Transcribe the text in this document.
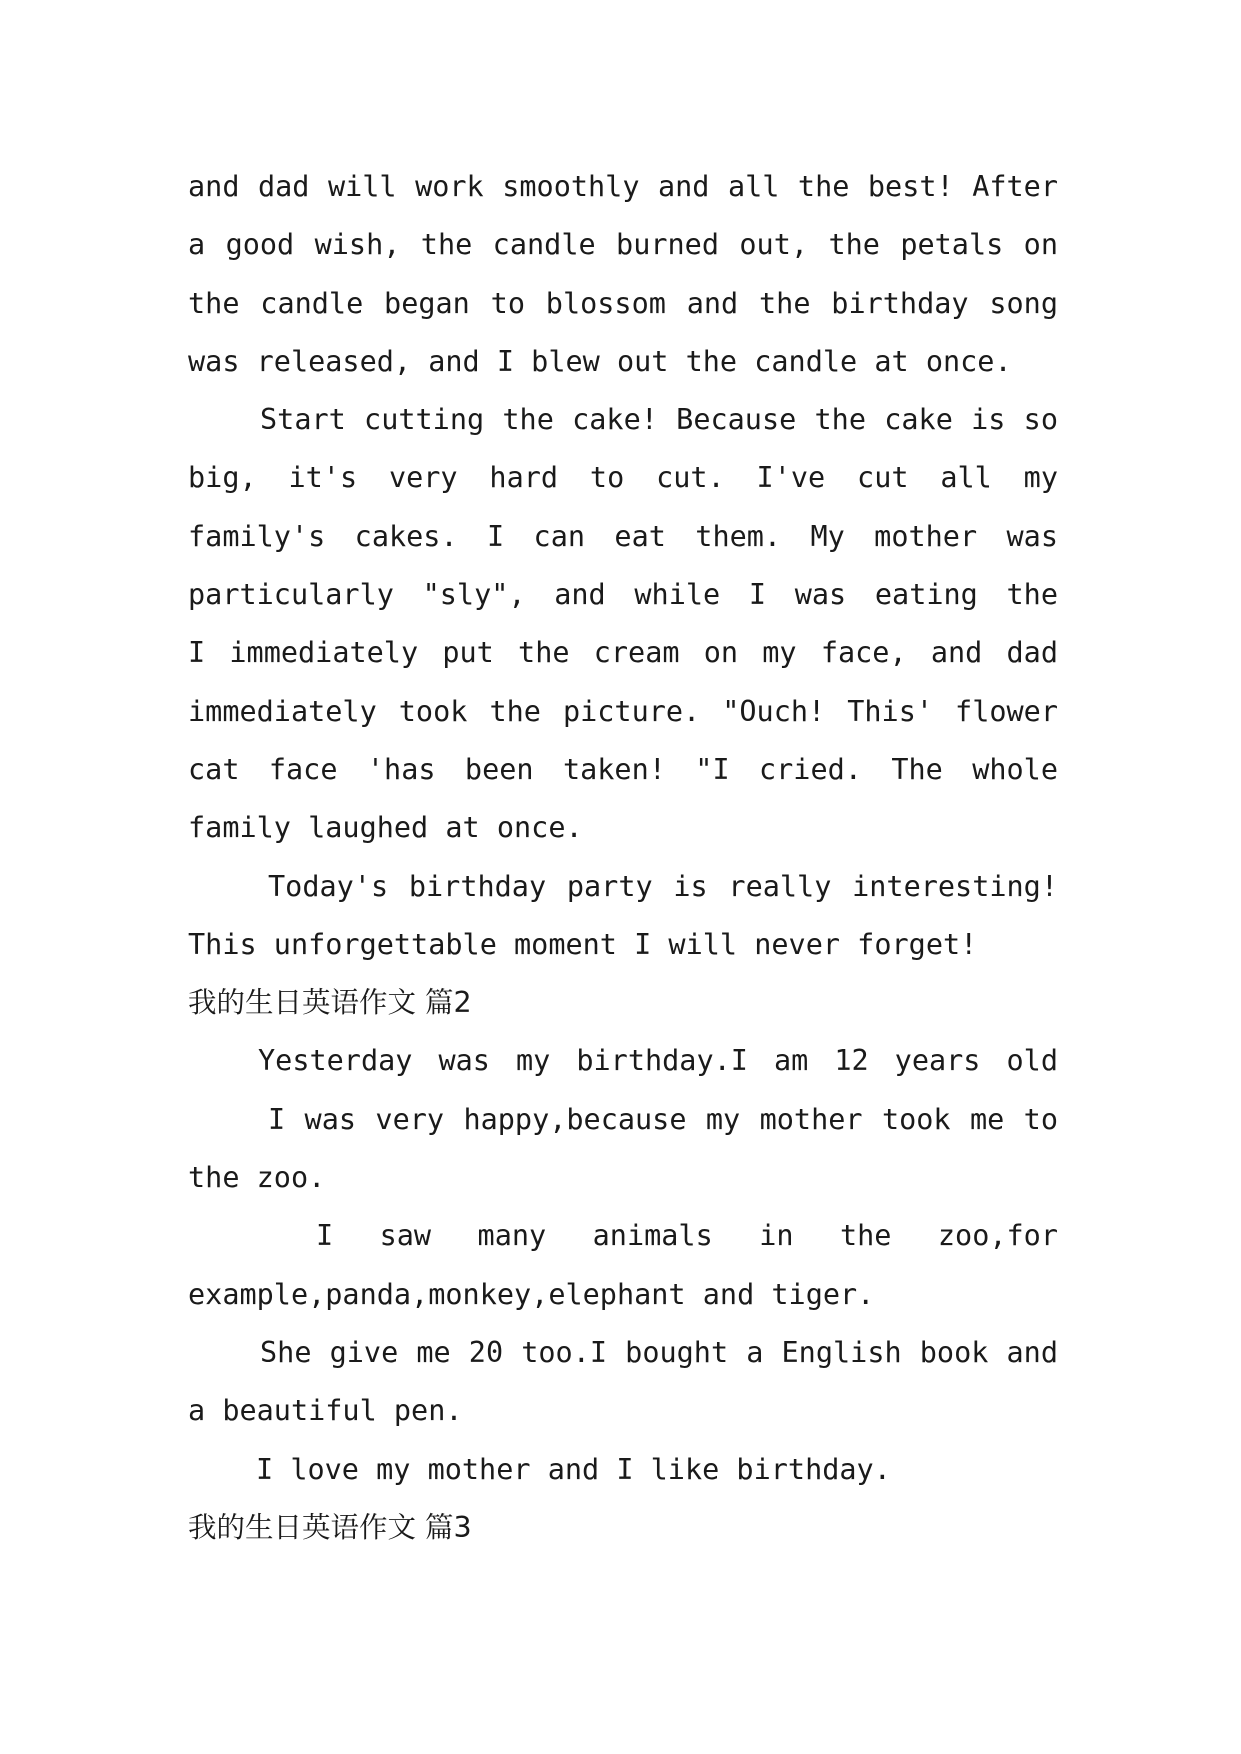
and dad will work smoothly and all the best! After
a good wish, the candle burned out, the petals on
the candle began to blossom and the birthday song
was released, and I blew out the candle at once.
Start cutting the cake! Because the cake is so
big, it's very hard to cut. I've cut all my
family's cakes. I can eat them. My mother was
particularly "sly", and while I was eating the
I immediately put the cream on my face, and dad
immediately took the picture. "Ouch! This' flower
cat face 'has been taken! "I cried. The whole
family laughed at once.
Today's birthday party is really interesting!
This unforgettable moment I will never forget!
我的生日英语作文 篇2
Yesterday was my birthday.I am 12 years old
I was very happy,because my mother took me to
the zoo.
I saw many animals in the zoo,for
example,panda,monkey,elephant and tiger.
She give me 20 too.I bought a English book and
a beautiful pen.
I love my mother and I like birthday.
我的生日英语作文 篇3
